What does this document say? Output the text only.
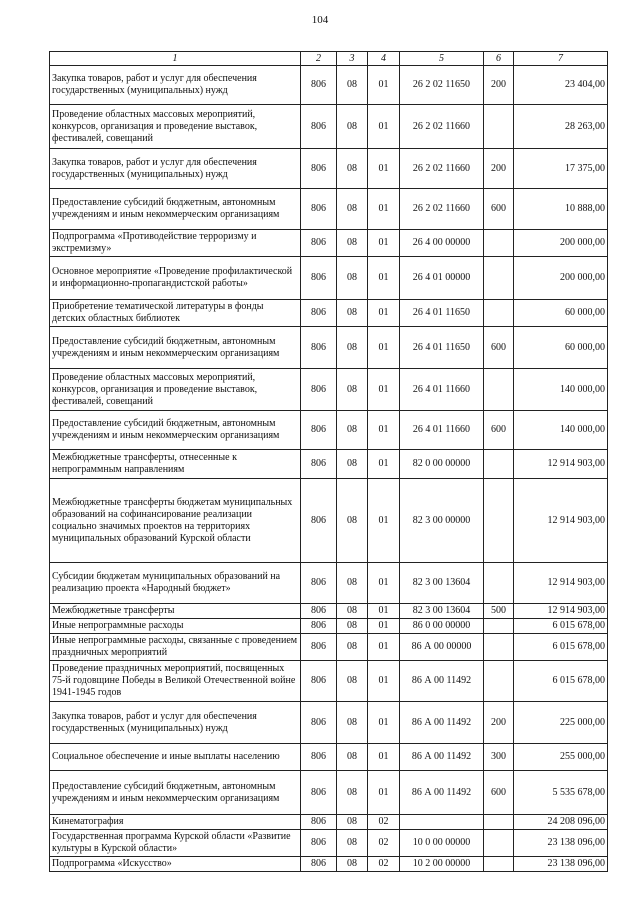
104
1	2	3	4	5	6	7
Закупка товаров, работ и услуг для обеспечения государственных (муниципальных) нужд	806	08	01	26 2 02 11650	200	23 404,00
Проведение областных массовых мероприятий, конкурсов, организация и проведение выставок, фестивалей, совещаний	806	08	01	26 2 02 11660		28 263,00
Закупка товаров, работ и услуг для обеспечения государственных (муниципальных) нужд	806	08	01	26 2 02 11660	200	17 375,00
Предоставление субсидий бюджетным, автономным учреждениям и иным некоммерческим организациям	806	08	01	26 2 02 11660	600	10 888,00
Подпрограмма «Противодействие терроризму и экстремизму»	806	08	01	26 4 00 00000		200 000,00
Основное мероприятие «Проведение профилактической и информационно-пропагандистской работы»	806	08	01	26 4 01 00000		200 000,00
Приобретение тематической литературы в фонды детских областных библиотек	806	08	01	26 4 01 11650		60 000,00
Предоставление субсидий бюджетным, автономным учреждениям и иным некоммерческим организациям	806	08	01	26 4 01 11650	600	60 000,00
Проведение областных массовых мероприятий, конкурсов, организация и проведение выставок, фестивалей, совещаний	806	08	01	26 4 01 11660		140 000,00
Предоставление субсидий бюджетным, автономным учреждениям и иным некоммерческим организациям	806	08	01	26 4 01 11660	600	140 000,00
Межбюджетные трансферты, отнесенные к непрограммным направлениям	806	08	01	82 0 00 00000		12 914 903,00
Межбюджетные трансферты бюджетам муниципальных образований на софинансирование реализации социально значимых проектов на территориях муниципальных образований Курской области	806	08	01	82 3 00 00000		12 914 903,00
Субсидии бюджетам муниципальных образований на реализацию проекта «Народный бюджет»	806	08	01	82 3 00 13604		12 914 903,00
Межбюджетные трансферты	806	08	01	82 3 00 13604	500	12 914 903,00
Иные непрограммные расходы	806	08	01	86 0 00 00000		6 015 678,00
Иные непрограммные расходы, связанные с проведением праздничных мероприятий	806	08	01	86 А 00 00000		6 015 678,00
Проведение праздничных мероприятий, посвященных 75-й годовщине Победы в Великой Отечественной войне 1941-1945 годов	806	08	01	86 А 00 11492		6 015 678,00
Закупка товаров, работ и услуг для обеспечения государственных (муниципальных) нужд	806	08	01	86 А 00 11492	200	225 000,00
Социальное обеспечение и иные выплаты населению	806	08	01	86 А 00 11492	300	255 000,00
Предоставление субсидий бюджетным, автономным учреждениям и иным некоммерческим организациям	806	08	01	86 А 00 11492	600	5 535 678,00
Кинематография	806	08	02			24 208 096,00
Государственная программа Курской области «Развитие культуры в Курской области»	806	08	02	10 0 00 00000		23 138 096,00
Подпрограмма «Искусство»	806	08	02	10 2 00 00000		23 138 096,00
